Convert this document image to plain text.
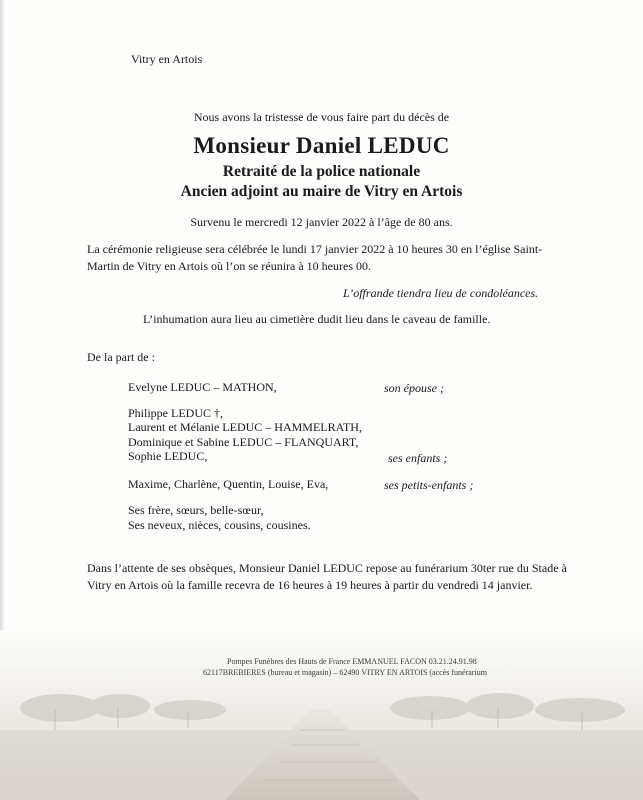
Vitry en Artois
Nous avons la tristesse de vous faire part du décès de
Monsieur Daniel LEDUC
Retraité de la police nationale
Ancien adjoint au maire de Vitry en Artois
Survenu le mercredi 12 janvier 2022 à l’âge de 80 ans.
La cérémonie religieuse sera célébrée le lundi 17 janvier 2022 à 10 heures 30 en l’église Saint-Martin de Vitry en Artois où l’on se réunira à 10 heures 00.
L’offrande tiendra lieu de condoléances.
L’inhumation aura lieu au cimetière dudit lieu dans le caveau de famille.
De la part de :
Evelyne LEDUC – MATHON,	son épouse ;
Philippe LEDUC †,
Laurent et Mélanie LEDUC – HAMMELRATH,
Dominique et Sabine LEDUC – FLANQUART,
Sophie LEDUC,	ses enfants ;
Maxime, Charlène, Quentin, Louise, Eva,	ses petits-enfants ;
Ses frère, sœurs, belle-sœur,
Ses neveux, nièces, cousins, cousines.
Dans l’attente de ses obsèques, Monsieur Daniel LEDUC repose au funérarium 30ter rue du Stade à Vitry en Artois où la famille recevra de 16 heures à 19 heures à partir du vendredi 14 janvier.
Pompes Funèbres des Hauts de France EMMANUEL FACON 03.21.24.91.98
62117BREBIERES (bureau et magasin) – 62490 VITRY EN ARTOIS (accès funérarium
